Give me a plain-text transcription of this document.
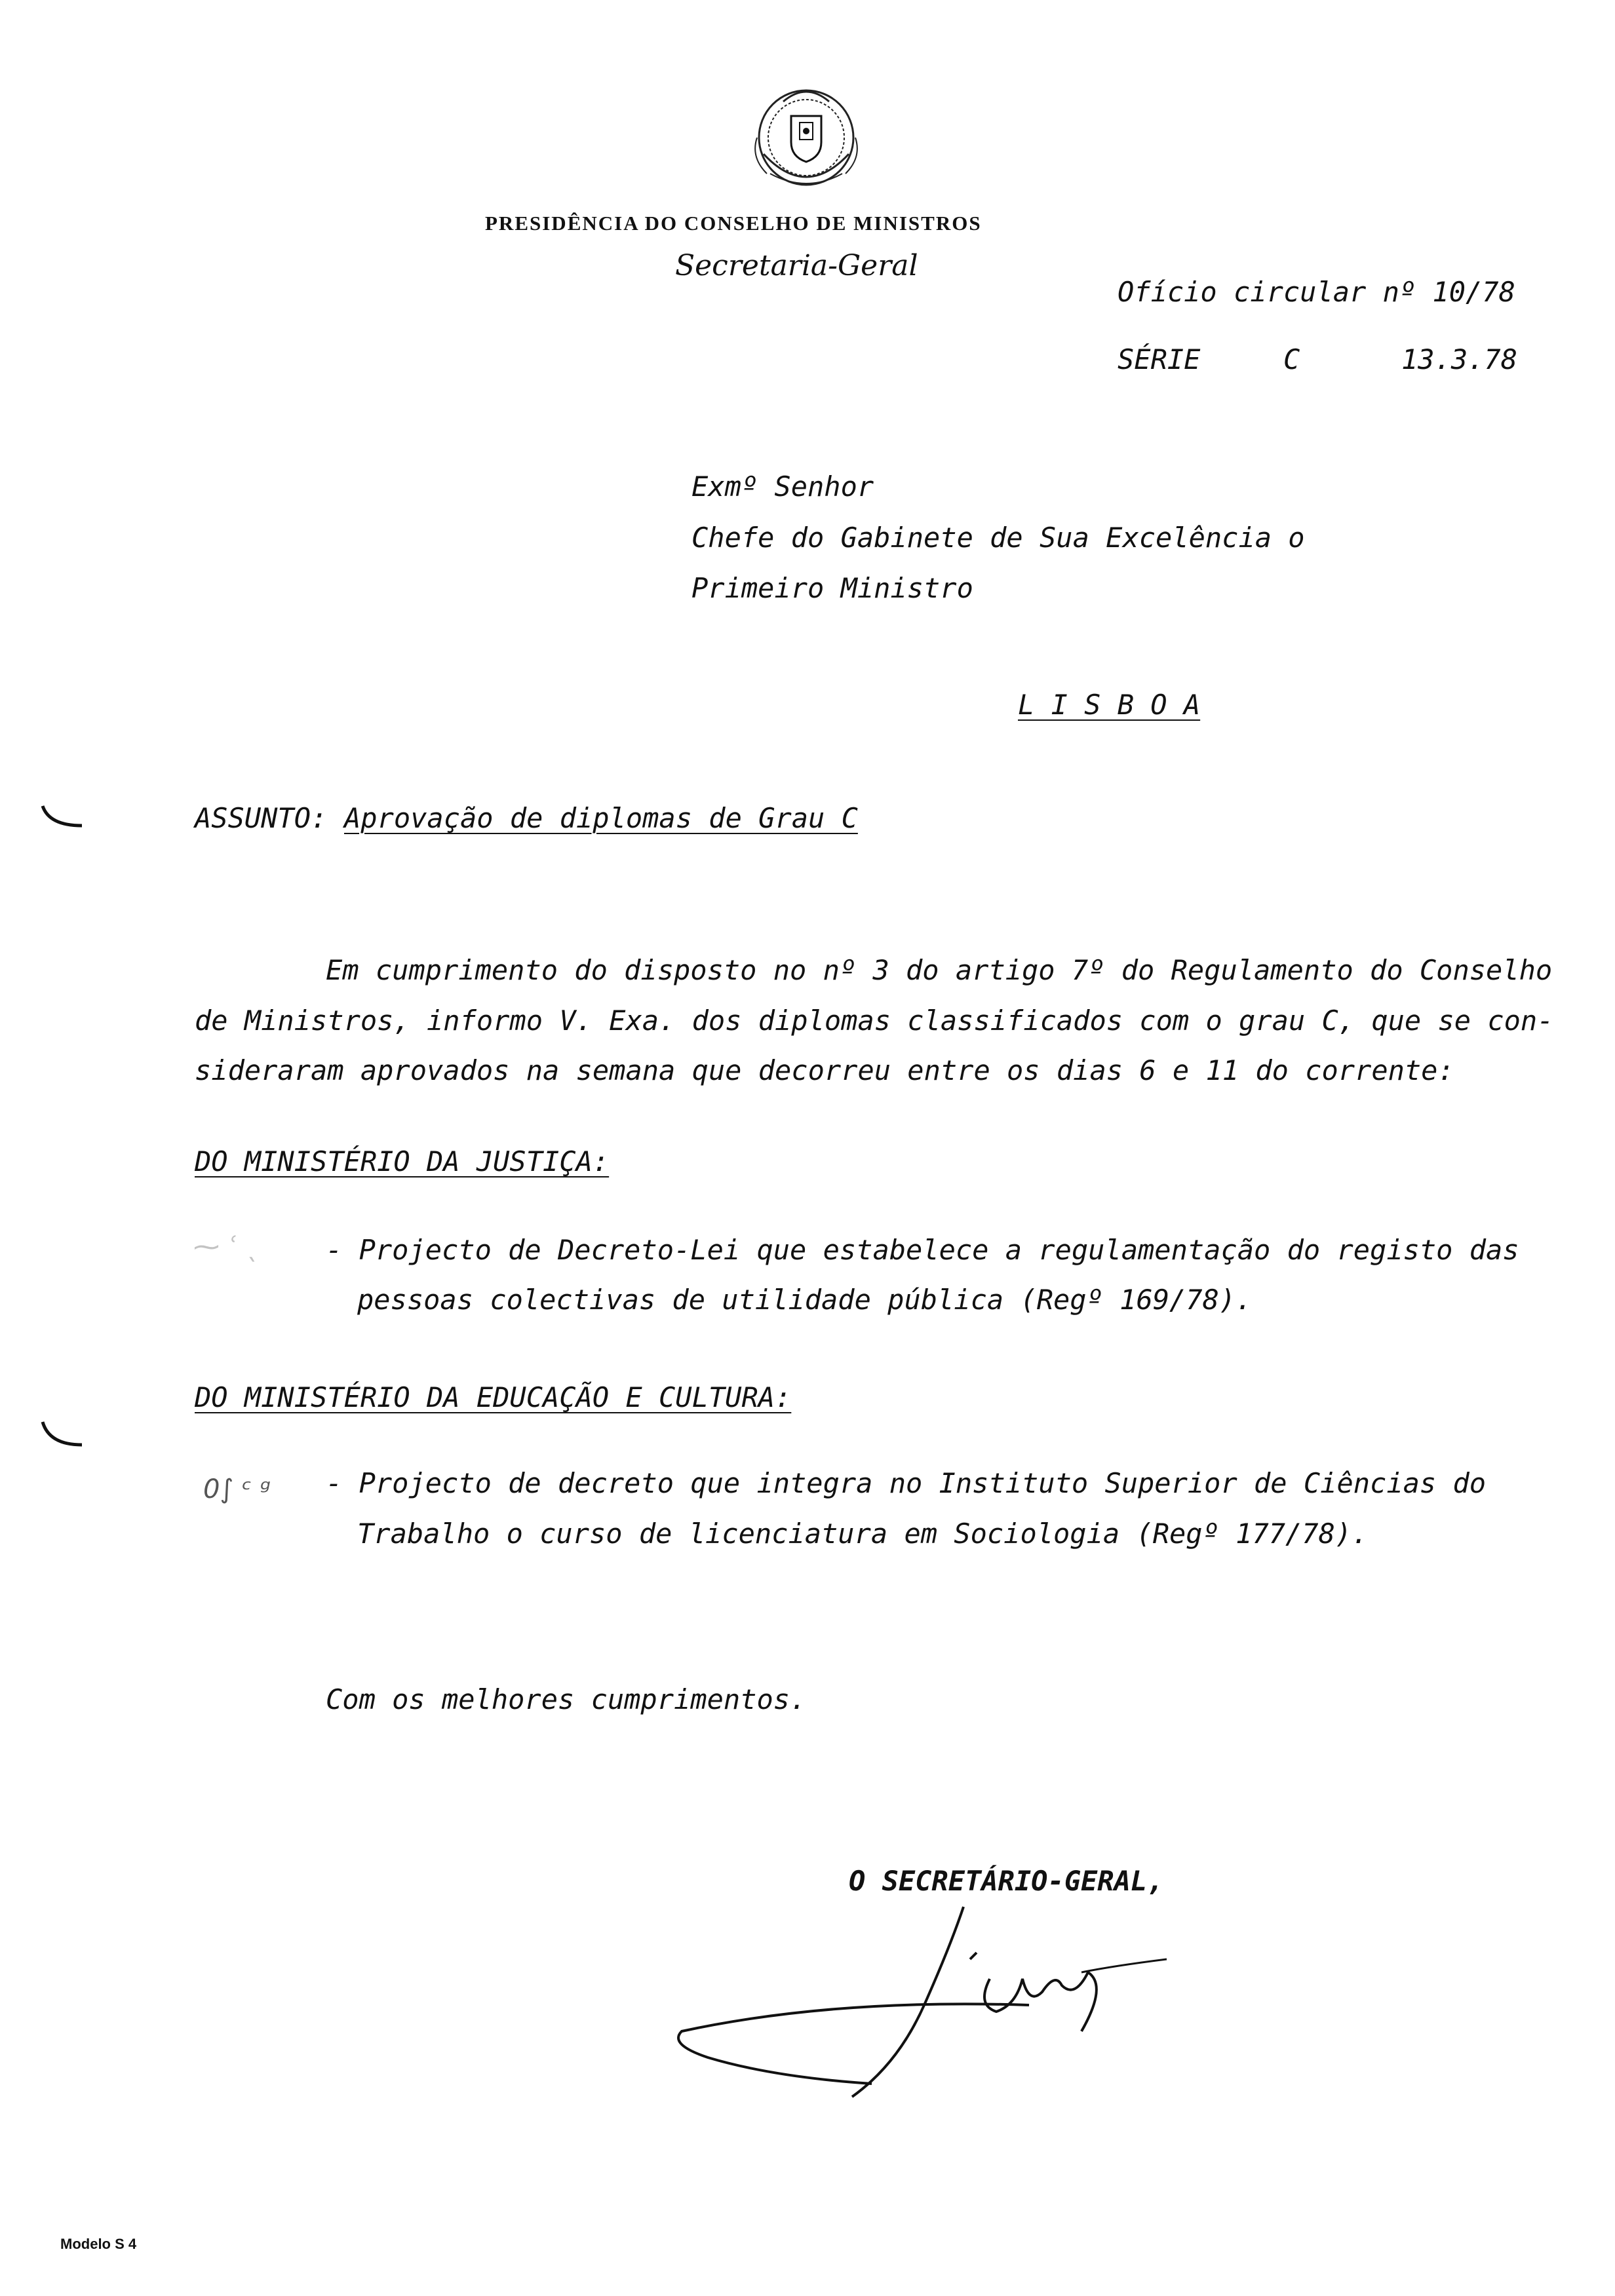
PRESIDÊNCIA DO CONSELHO DE MINISTROS
Secretaria-Geral
Ofício circular nº 10/78
SÉRIE	C	13.3.78
Exmº Senhor
Chefe do Gabinete de Sua Excelência o
Primeiro Ministro
L I S B O A
ASSUNTO: Aprovação de diplomas de Grau C
Em cumprimento do disposto no nº 3 do artigo 7º do Regulamento do Conselho
de Ministros, informo V. Exa. dos diplomas classificados com o grau C, que se con-
sideraram aprovados na semana que decorreu entre os dias 6 e 11 do corrente:
DO MINISTÉRIO DA JUSTIÇA:
- Projecto de Decreto-Lei que estabelece a regulamentação do registo das
pessoas colectivas de utilidade pública (Regº 169/78).
DO MINISTÉRIO DA EDUCAÇÃO E CULTURA:
- Projecto de decreto que integra no Instituto Superior de Ciências do
Trabalho o curso de licenciatura em Sociologia (Regº 177/78).
Com os melhores cumprimentos.
O SECRETÁRIO-GERAL,
⁓ ʿ ˎ
0∫ ᶜ ᵍ
Modelo S 4
